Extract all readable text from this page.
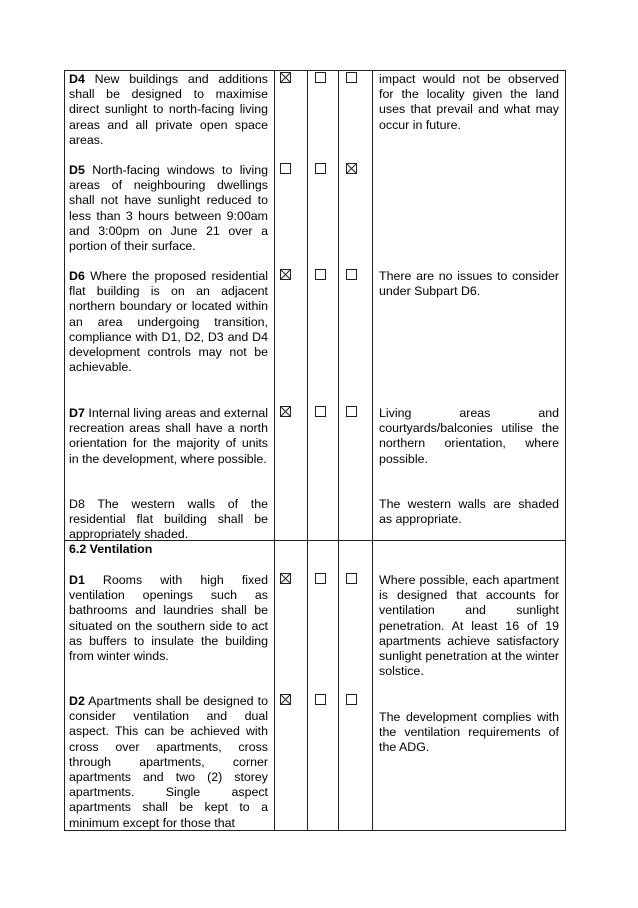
6.2 Ventilation
D4 New buildings and additions shall be designed to maximise direct sunlight to north-facing living areas and all private open space areas.
impact would not be observed for the locality given the land uses that prevail and what may occur in future.
D5 North-facing windows to living areas of neighbouring dwellings shall not have sunlight reduced to less than 3 hours between 9:00am and 3:00pm on June 21 over a portion of their surface.
D6 Where the proposed residential flat building is on an adjacent northern boundary or located within an area undergoing transition, compliance with D1, D2, D3 and D4 development controls may not be achievable.
There are no issues to consider under Subpart D6.
D7 Internal living areas and external recreation areas shall have a north orientation for the majority of units in the development, where possible.
Living areas and courtyards/balconies utilise the northern orientation, where possible.
D8 The western walls of the residential flat building shall be appropriately shaded.
The western walls are shaded as appropriate.
D1 Rooms with high fixed ventilation openings such as bathrooms and laundries shall be situated on the southern side to act as buffers to insulate the building from winter winds.
Where possible, each apartment is designed that accounts for ventilation and sunlight penetration. At least 16 of 19 apartments achieve satisfactory sunlight penetration at the winter solstice.
D2 Apartments shall be designed to consider ventilation and dual aspect. This can be achieved with cross over apartments, cross through apartments, corner apartments and two (2) storey apartments. Single aspect apartments shall be kept to a minimum except for those that
The development complies with the ventilation requirements of the ADG.
